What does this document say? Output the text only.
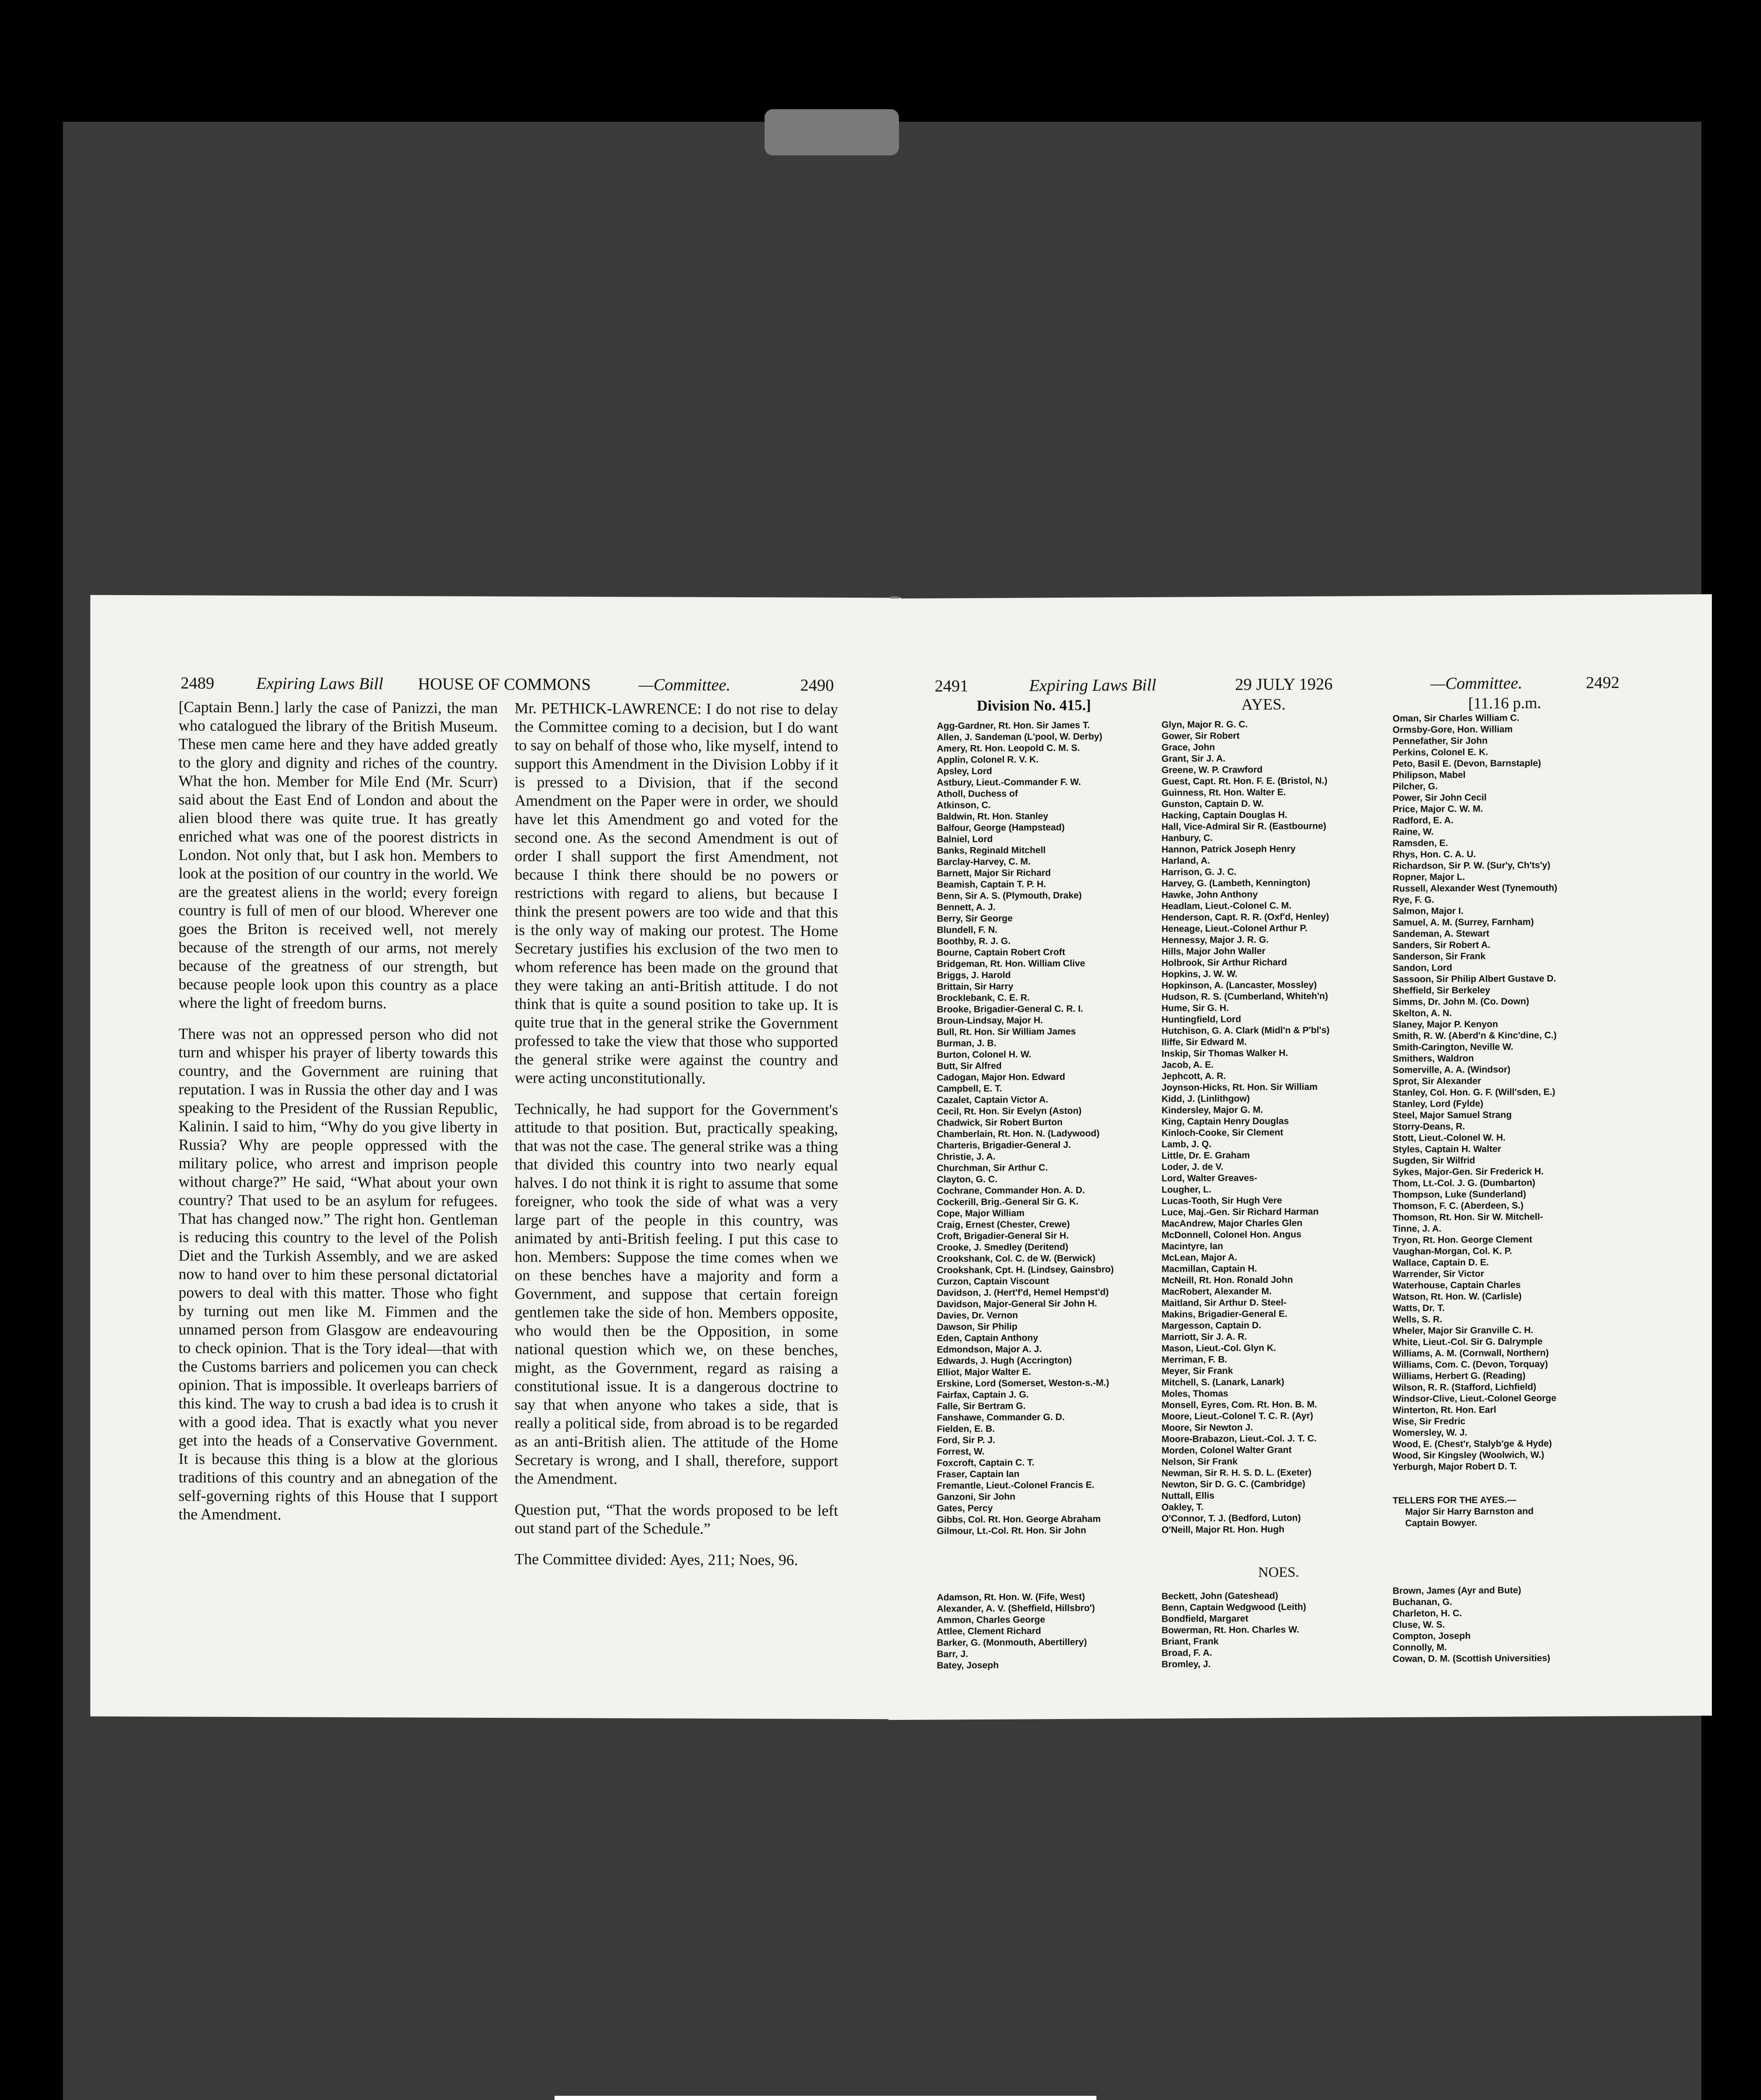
2489	Expiring Laws Bill HOUSE OF COMMONS	—Committee.	2490

[Captain Benn.] larly the case of Panizzi, the man who catalogued the library of the British Museum. These men came here and they have added greatly to the glory and dignity and riches of the country. What the hon. Member for Mile End (Mr. Scurr) said about the East End of London and about the alien blood there was quite true. It has greatly enriched what was one of the poorest districts in London. Not only that, but I ask hon. Members to look at the position of our country in the world. We are the greatest aliens in the world; every foreign country is full of men of our blood. Wherever one goes the Briton is received well, not merely because of the strength of our arms, not merely because of the greatness of our strength, but because people look upon this country as a place where the light of freedom burns.

There was not an oppressed person who did not turn and whisper his prayer of liberty towards this country, and the Government are ruining that reputation. I was in Russia the other day and I was speaking to the President of the Russian Republic, Kalinin. I said to him, “Why do you give liberty in Russia? Why are people oppressed with the military police, who arrest and imprison people without charge?” He said, “What about your own country? That used to be an asylum for refugees. That has changed now.” The right hon. Gentleman is reducing this country to the level of the Polish Diet and the Turkish Assembly, and we are asked now to hand over to him these personal dictatorial powers to deal with this matter. Those who fight by turning out men like M. Fimmen and the unnamed person from Glasgow are endeavouring to check opinion. That is the Tory ideal—that with the Customs barriers and policemen you can check opinion. That is impossible. It overleaps barriers of this kind. The way to crush a bad idea is to crush it with a good idea. That is exactly what you never get into the heads of a Conservative Government. It is because this thing is a blow at the glorious traditions of this country and an abnegation of the self-governing rights of this House that I support the Amendment.

Mr. PETHICK-LAWRENCE: I do not rise to delay the Committee coming to a decision, but I do want to say on behalf of those who, like myself, intend to support this Amendment in the Division Lobby if it is pressed to a Division, that if the second Amendment on the Paper were in order, we should have let this Amendment go and voted for the second one. As the second Amendment is out of order I shall support the first Amendment, not because I think there should be no powers or restrictions with regard to aliens, but because I think the present powers are too wide and that this is the only way of making our protest. The Home Secretary justifies his exclusion of the two men to whom reference has been made on the ground that they were taking an anti-British attitude. I do not think that is quite a sound position to take up. It is quite true that in the general strike the Government professed to take the view that those who supported the general strike were against the country and were acting unconstitutionally.

Technically, he had support for the Government's attitude to that position. But, practically speaking, that was not the case. The general strike was a thing that divided this country into two nearly equal halves. I do not think it is right to assume that some foreigner, who took the side of what was a very large part of the people in this country, was animated by anti-British feeling. I put this case to hon. Members: Suppose the time comes when we on these benches have a majority and form a Government, and suppose that certain foreign gentlemen take the side of hon. Members opposite, who would then be the Opposition, in some national question which we, on these benches, might, as the Government, regard as raising a constitutional issue. It is a dangerous doctrine to say that when anyone who takes a side, that is really a political side, from abroad is to be regarded as an anti-British alien. The attitude of the Home Secretary is wrong, and I shall, therefore, support the Amendment.

Question put, “That the words proposed to be left out stand part of the Schedule.”

The Committee divided: Ayes, 211; Noes, 96.

2491	Expiring Laws Bill	29 JULY 1926	—Committee.	2492
Division No. 415.]	AYES.	[11.16 p.m.
Agg-Gardner, Rt. Hon. Sir James T.
Allen, J. Sandeman (L'pool, W. Derby)
Amery, Rt. Hon. Leopold C. M. S.
Applin, Colonel R. V. K.
Apsley, Lord
Astbury, Lieut.-Commander F. W.
Atholl, Duchess of
Atkinson, C.
Baldwin, Rt. Hon. Stanley
Balfour, George (Hampstead)
Balniel, Lord
Banks, Reginald Mitchell
Barclay-Harvey, C. M.
Barnett, Major Sir Richard
Beamish, Captain T. P. H.
Benn, Sir A. S. (Plymouth, Drake)
Bennett, A. J.
Berry, Sir George
Blundell, F. N.
Boothby, R. J. G.
Bourne, Captain Robert Croft
Bridgeman, Rt. Hon. William Clive
Briggs, J. Harold
Brittain, Sir Harry
Brocklebank, C. E. R.
Brooke, Brigadier-General C. R. I.
Broun-Lindsay, Major H.
Bull, Rt. Hon. Sir William James
Burman, J. B.
Burton, Colonel H. W.
Butt, Sir Alfred
Cadogan, Major Hon. Edward
Campbell, E. T.
Cazalet, Captain Victor A.
Cecil, Rt. Hon. Sir Evelyn (Aston)
Chadwick, Sir Robert Burton
Chamberlain, Rt. Hon. N. (Ladywood)
Charteris, Brigadier-General J.
Christie, J. A.
Churchman, Sir Arthur C.
Clayton, G. C.
Cochrane, Commander Hon. A. D.
Cockerill, Brig.-General Sir G. K.
Cope, Major William
Craig, Ernest (Chester, Crewe)
Croft, Brigadier-General Sir H.
Crooke, J. Smedley (Deritend)
Crookshank, Col. C. de W. (Berwick)
Crookshank, Cpt. H. (Lindsey, Gainsbro)
Curzon, Captain Viscount
Davidson, J. (Hert'f'd, Hemel Hempst'd)
Davidson, Major-General Sir John H.
Davies, Dr. Vernon
Dawson, Sir Philip
Eden, Captain Anthony
Edmondson, Major A. J.
Edwards, J. Hugh (Accrington)
Elliot, Major Walter E.
Erskine, Lord (Somerset, Weston-s.-M.)
Fairfax, Captain J. G.
Falle, Sir Bertram G.
Fanshawe, Commander G. D.
Fielden, E. B.
Ford, Sir P. J.
Forrest, W.
Foxcroft, Captain C. T.
Fraser, Captain Ian
Fremantle, Lieut.-Colonel Francis E.
Ganzoni, Sir John
Gates, Percy
Gibbs, Col. Rt. Hon. George Abraham
Gilmour, Lt.-Col. Rt. Hon. Sir John
Glyn, Major R. G. C.
Gower, Sir Robert
Grace, John
Grant, Sir J. A.
Greene, W. P. Crawford
Guest, Capt. Rt. Hon. F. E. (Bristol, N.)
Guinness, Rt. Hon. Walter E.
Gunston, Captain D. W.
Hacking, Captain Douglas H.
Hall, Vice-Admiral Sir R. (Eastbourne)
Hanbury, C.
Hannon, Patrick Joseph Henry
Harland, A.
Harrison, G. J. C.
Harvey, G. (Lambeth, Kennington)
Hawke, John Anthony
Headlam, Lieut.-Colonel C. M.
Henderson, Capt. R. R. (Oxf'd, Henley)
Heneage, Lieut.-Colonel Arthur P.
Hennessy, Major J. R. G.
Hills, Major John Waller
Holbrook, Sir Arthur Richard
Hopkins, J. W. W.
Hopkinson, A. (Lancaster, Mossley)
Hudson, R. S. (Cumberland, Whiteh'n)
Hume, Sir G. H.
Huntingfield, Lord
Hutchison, G. A. Clark (Midl'n & P'bl's)
Iliffe, Sir Edward M.
Inskip, Sir Thomas Walker H.
Jacob, A. E.
Jephcott, A. R.
Joynson-Hicks, Rt. Hon. Sir William
Kidd, J. (Linlithgow)
Kindersley, Major G. M.
King, Captain Henry Douglas
Kinloch-Cooke, Sir Clement
Lamb, J. Q.
Little, Dr. E. Graham
Loder, J. de V.
Lord, Walter Greaves-
Lougher, L.
Lucas-Tooth, Sir Hugh Vere
Luce, Maj.-Gen. Sir Richard Harman
MacAndrew, Major Charles Glen
McDonnell, Colonel Hon. Angus
Macintyre, Ian
McLean, Major A.
Macmillan, Captain H.
McNeill, Rt. Hon. Ronald John
MacRobert, Alexander M.
Maitland, Sir Arthur D. Steel-
Makins, Brigadier-General E.
Margesson, Captain D.
Marriott, Sir J. A. R.
Mason, Lieut.-Col. Glyn K.
Merriman, F. B.
Meyer, Sir Frank
Mitchell, S. (Lanark, Lanark)
Moles, Thomas
Monsell, Eyres, Com. Rt. Hon. B. M.
Moore, Lieut.-Colonel T. C. R. (Ayr)
Moore, Sir Newton J.
Moore-Brabazon, Lieut.-Col. J. T. C.
Morden, Colonel Walter Grant
Nelson, Sir Frank
Newman, Sir R. H. S. D. L. (Exeter)
Newton, Sir D. G. C. (Cambridge)
Nuttall, Ellis
Oakley, T.
O'Connor, T. J. (Bedford, Luton)
O'Neill, Major Rt. Hon. Hugh
Oman, Sir Charles William C.
Ormsby-Gore, Hon. William
Pennefather, Sir John
Perkins, Colonel E. K.
Peto, Basil E. (Devon, Barnstaple)
Philipson, Mabel
Pilcher, G.
Power, Sir John Cecil
Price, Major C. W. M.
Radford, E. A.
Raine, W.
Ramsden, E.
Rhys, Hon. C. A. U.
Richardson, Sir P. W. (Sur'y, Ch'ts'y)
Ropner, Major L.
Russell, Alexander West (Tynemouth)
Rye, F. G.
Salmon, Major I.
Samuel, A. M. (Surrey, Farnham)
Sandeman, A. Stewart
Sanders, Sir Robert A.
Sanderson, Sir Frank
Sandon, Lord
Sassoon, Sir Philip Albert Gustave D.
Sheffield, Sir Berkeley
Simms, Dr. John M. (Co. Down)
Skelton, A. N.
Slaney, Major P. Kenyon
Smith, R. W. (Aberd'n & Kinc'dine, C.)
Smith-Carington, Neville W.
Smithers, Waldron
Somerville, A. A. (Windsor)
Sprot, Sir Alexander
Stanley, Col. Hon. G. F. (Will'sden, E.)
Stanley, Lord (Fylde)
Steel, Major Samuel Strang
Storry-Deans, R.
Stott, Lieut.-Colonel W. H.
Styles, Captain H. Walter
Sugden, Sir Wilfrid
Sykes, Major-Gen. Sir Frederick H.
Thom, Lt.-Col. J. G. (Dumbarton)
Thompson, Luke (Sunderland)
Thomson, F. C. (Aberdeen, S.)
Thomson, Rt. Hon. Sir W. Mitchell-
Tinne, J. A.
Tryon, Rt. Hon. George Clement
Vaughan-Morgan, Col. K. P.
Wallace, Captain D. E.
Warrender, Sir Victor
Waterhouse, Captain Charles
Watson, Rt. Hon. W. (Carlisle)
Watts, Dr. T.
Wells, S. R.
Wheler, Major Sir Granville C. H.
White, Lieut.-Col. Sir G. Dalrymple
Williams, A. M. (Cornwall, Northern)
Williams, Com. C. (Devon, Torquay)
Williams, Herbert G. (Reading)
Wilson, R. R. (Stafford, Lichfield)
Windsor-Clive, Lieut.-Colonel George
Winterton, Rt. Hon. Earl
Wise, Sir Fredric
Womersley, W. J.
Wood, E. (Chest'r, Stalyb'ge & Hyde)
Wood, Sir Kingsley (Woolwich, W.)
Yerburgh, Major Robert D. T.
TELLERS FOR THE AYES.—
Major Sir Harry Barnston and
Captain Bowyer.
NOES.
Adamson, Rt. Hon. W. (Fife, West)
Alexander, A. V. (Sheffield, Hillsbro')
Ammon, Charles George
Attlee, Clement Richard
Barker, G. (Monmouth, Abertillery)
Barr, J.
Batey, Joseph
Beckett, John (Gateshead)
Benn, Captain Wedgwood (Leith)
Bondfield, Margaret
Bowerman, Rt. Hon. Charles W.
Briant, Frank
Broad, F. A.
Bromley, J.
Brown, James (Ayr and Bute)
Buchanan, G.
Charleton, H. C.
Cluse, W. S.
Compton, Joseph
Connolly, M.
Cowan, D. M. (Scottish Universities)
